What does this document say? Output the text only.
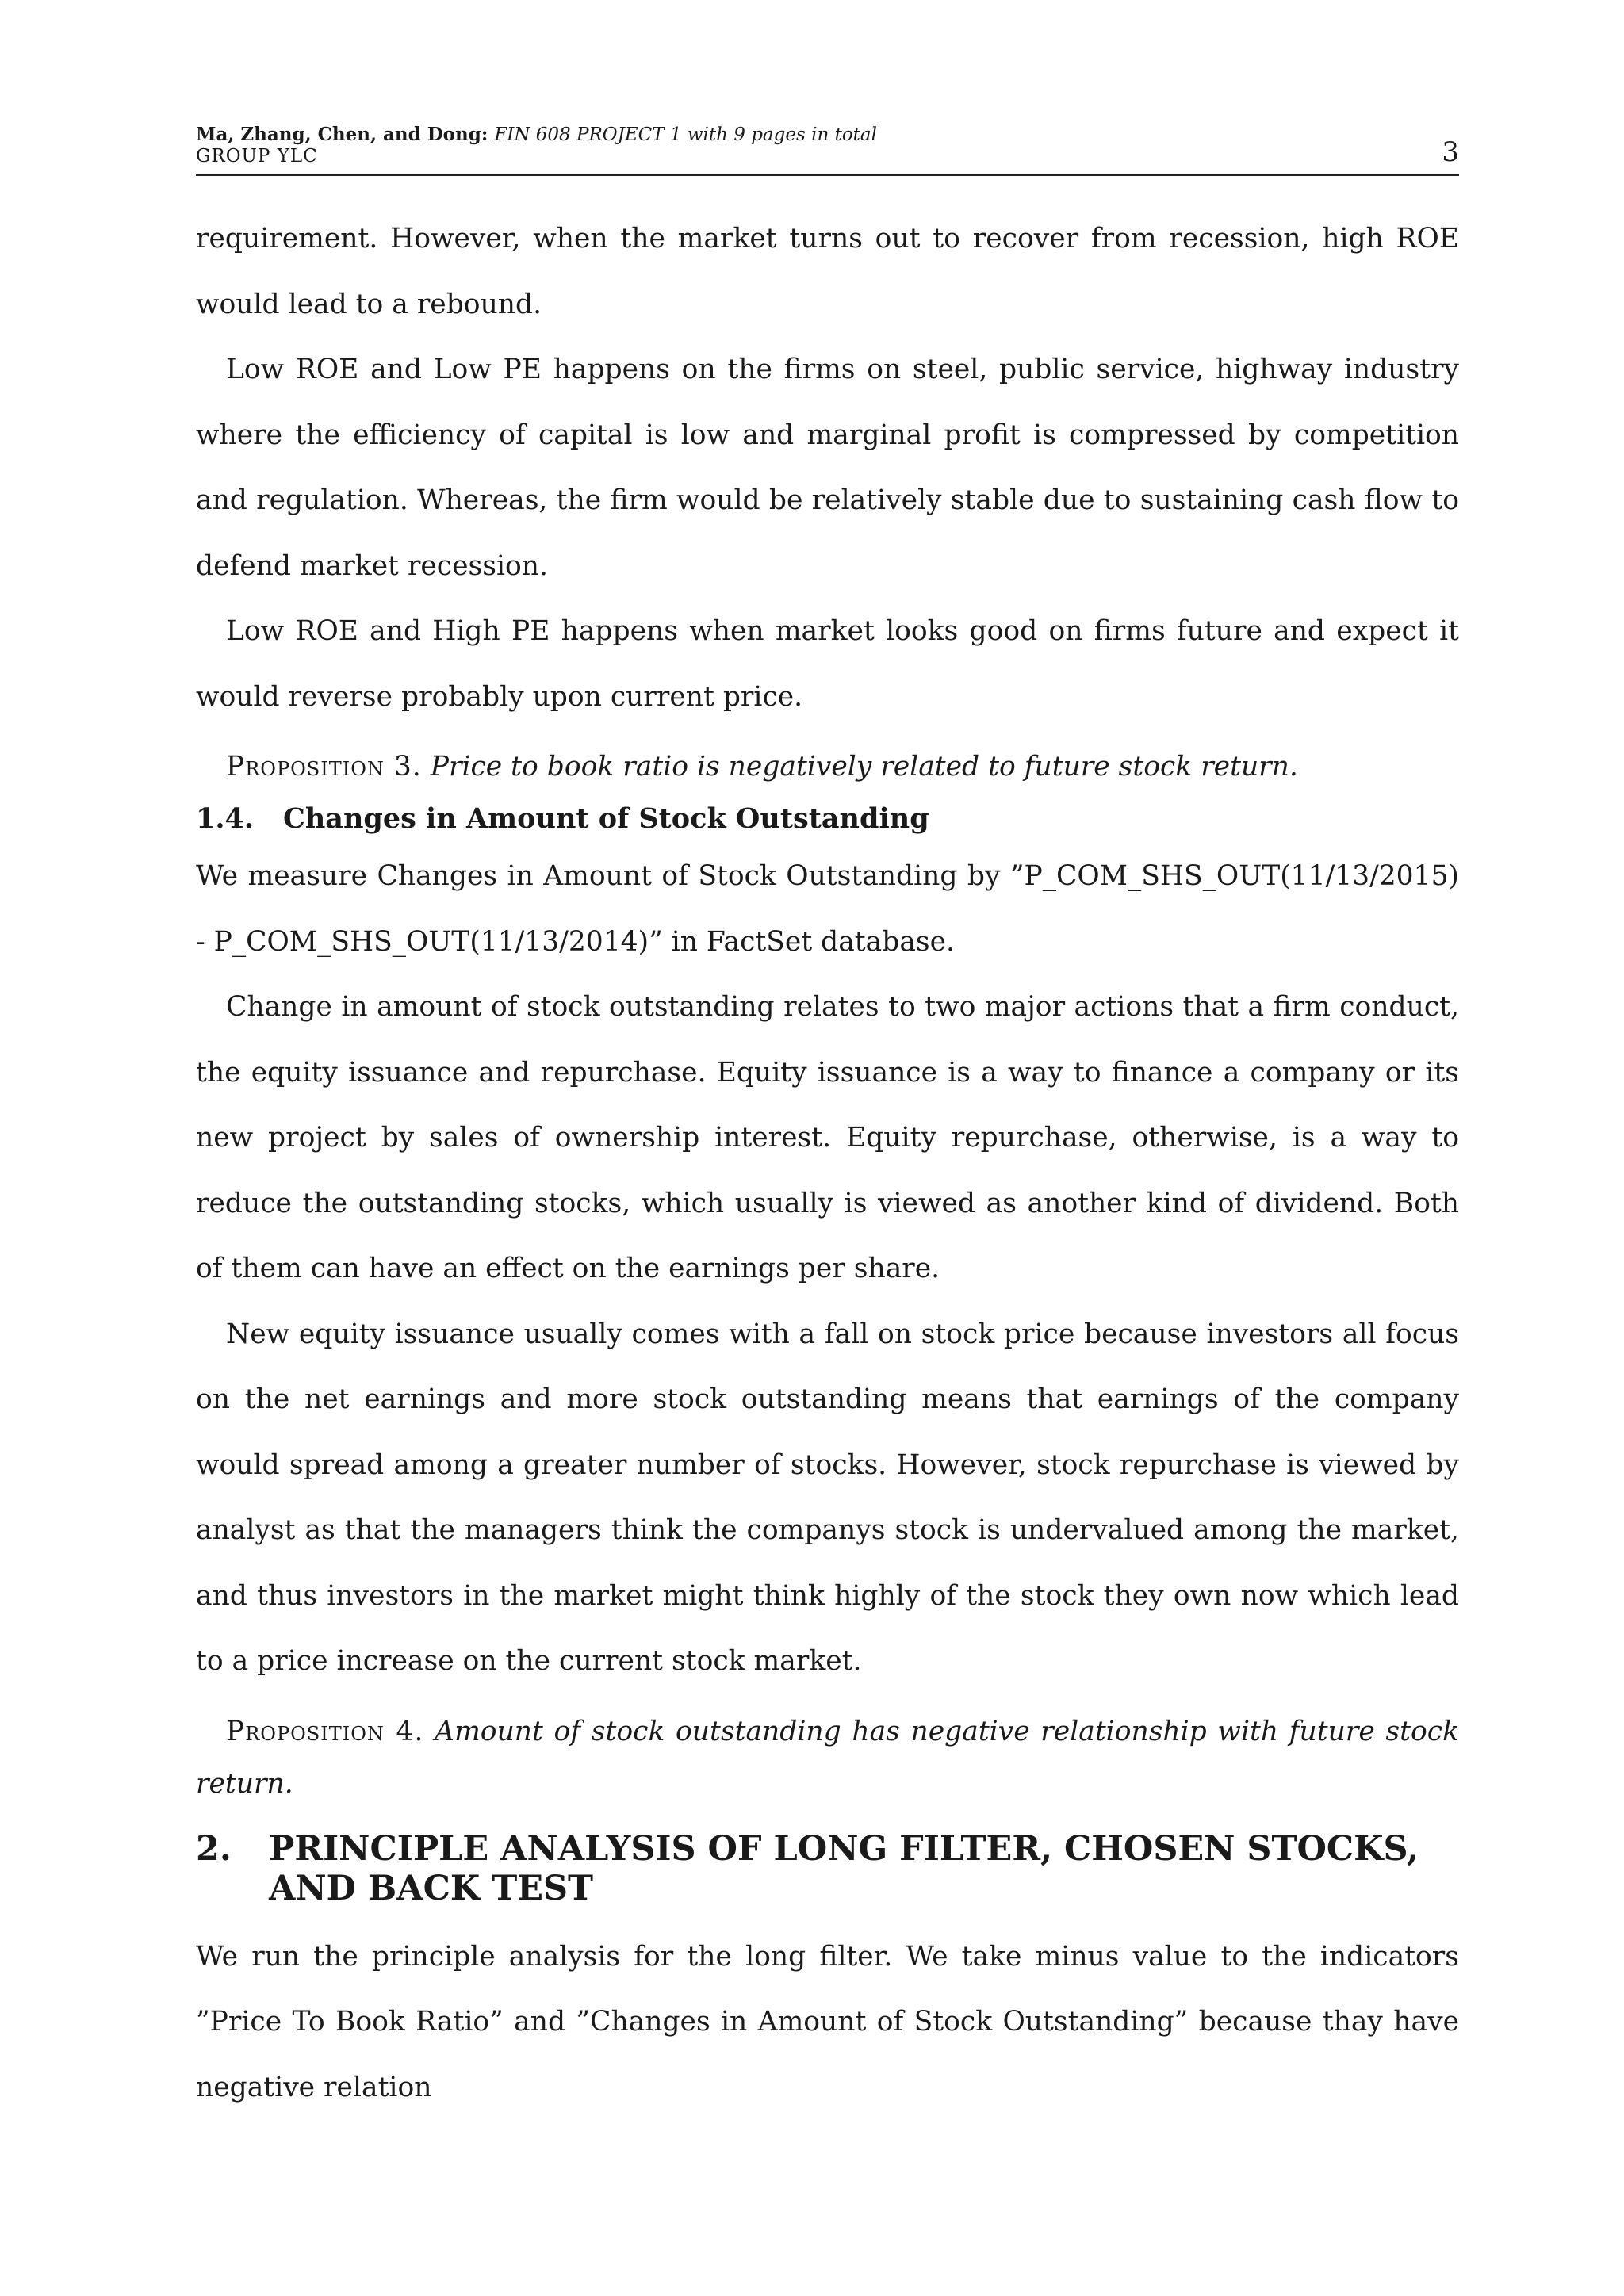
Ma, Zhang, Chen, and Dong: FIN 608 PROJECT 1 with 9 pages in total
GROUP YLC	3

requirement. However, when the market turns out to recover from recession, high ROE would lead to a rebound.

Low ROE and Low PE happens on the firms on steel, public service, highway industry where the efficiency of capital is low and marginal profit is compressed by competition and regulation. Whereas, the firm would be relatively stable due to sustaining cash flow to defend market recession.

Low ROE and High PE happens when market looks good on firms future and expect it would reverse probably upon current price.

Proposition 3. Price to book ratio is negatively related to future stock return.

1.4. Changes in Amount of Stock Outstanding

We measure Changes in Amount of Stock Outstanding by ”P_COM_SHS_OUT(11/13/2015) - P_COM_SHS_OUT(11/13/2014)” in FactSet database.

Change in amount of stock outstanding relates to two major actions that a firm conduct, the equity issuance and repurchase. Equity issuance is a way to finance a company or its new project by sales of ownership interest. Equity repurchase, otherwise, is a way to reduce the outstanding stocks, which usually is viewed as another kind of dividend. Both of them can have an effect on the earnings per share.

New equity issuance usually comes with a fall on stock price because investors all focus on the net earnings and more stock outstanding means that earnings of the company would spread among a greater number of stocks. However, stock repurchase is viewed by analyst as that the managers think the companys stock is undervalued among the market, and thus investors in the market might think highly of the stock they own now which lead to a price increase on the current stock market.

Proposition 4. Amount of stock outstanding has negative relationship with future stock return.

2.	PRINCIPLE ANALYSIS OF LONG FILTER, CHOSEN STOCKS, AND BACK TEST

We run the principle analysis for the long filter. We take minus value to the indicators ”Price To Book Ratio” and ”Changes in Amount of Stock Outstanding” because thay have negative relation
